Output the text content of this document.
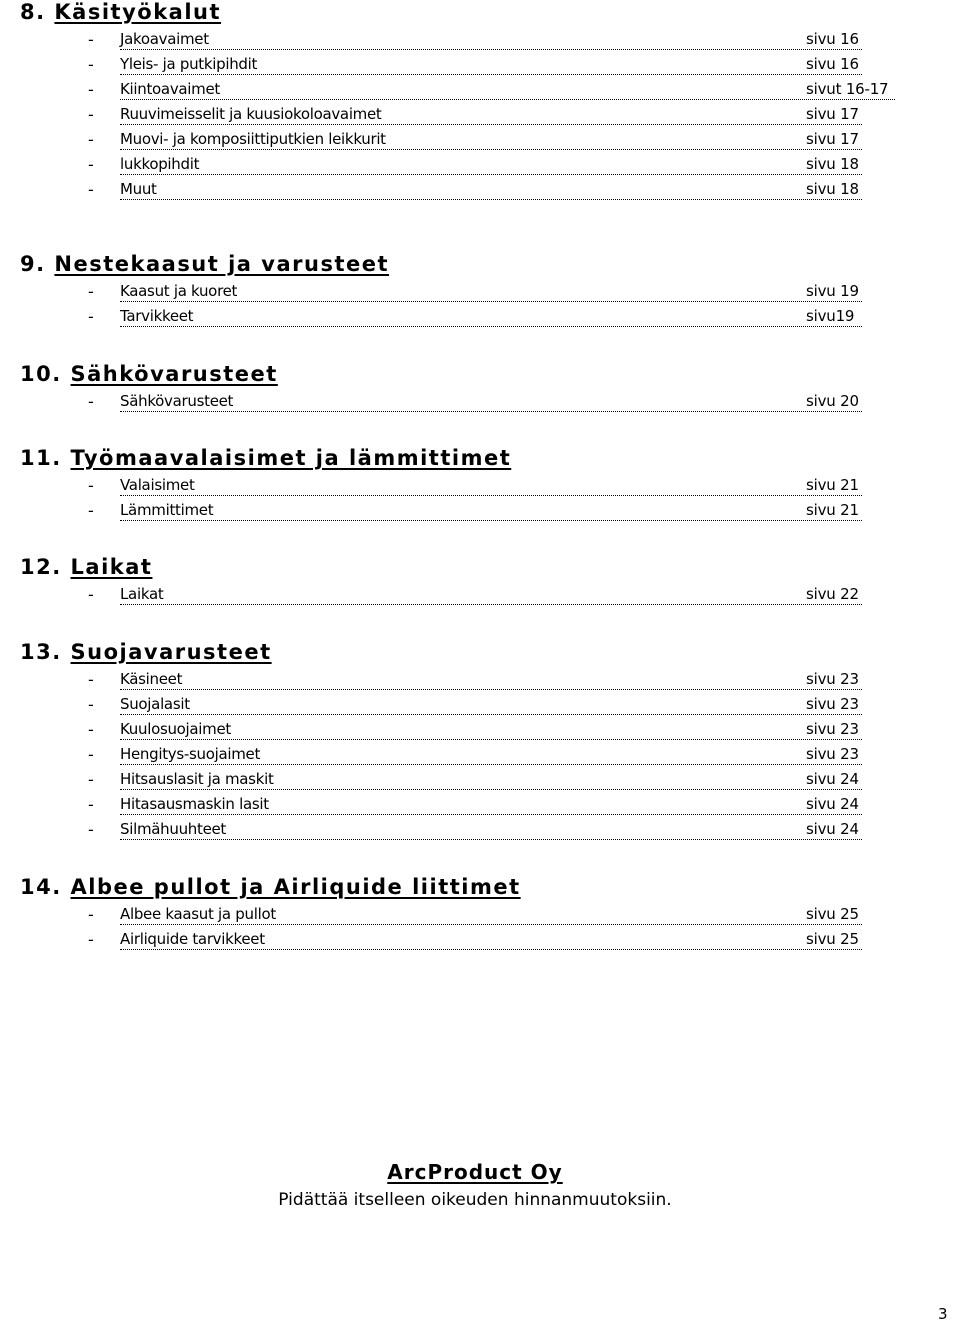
8. Käsityökalut
- Jakoavaimet	sivu 16
- Yleis- ja putkipihdit	sivu 16
- Kiintoavaimet	sivut 16-17
- Ruuvimeisselit ja kuusiokoloavaimet	sivu 17
- Muovi- ja komposiittiputkien leikkurit	sivu 17
- lukkopihdit	sivu 18
- Muut	sivu 18
9. Nestekaasut ja varusteet
- Kaasut ja kuoret	sivu 19
- Tarvikkeet	sivu19
10. Sähkövarusteet
- Sähkövarusteet	sivu 20
11. Työmaavalaisimet ja lämmittimet
- Valaisimet	sivu 21
- Lämmittimet	sivu 21
12. Laikat
- Laikat	sivu 22
13. Suojavarusteet
- Käsineet	sivu 23
- Suojalasit	sivu 23
- Kuulosuojaimet	sivu 23
- Hengitys-suojaimet	sivu 23
- Hitsauslasit ja maskit	sivu 24
- Hitasausmaskin lasit	sivu 24
- Silmähuuhteet	sivu 24
14. Albee pullot ja Airliquide liittimet
- Albee kaasut ja pullot	sivu 25
- Airliquide tarvikkeet	sivu 25
ArcProduct Oy
Pidättää itselleen oikeuden hinnanmuutoksiin.
3
